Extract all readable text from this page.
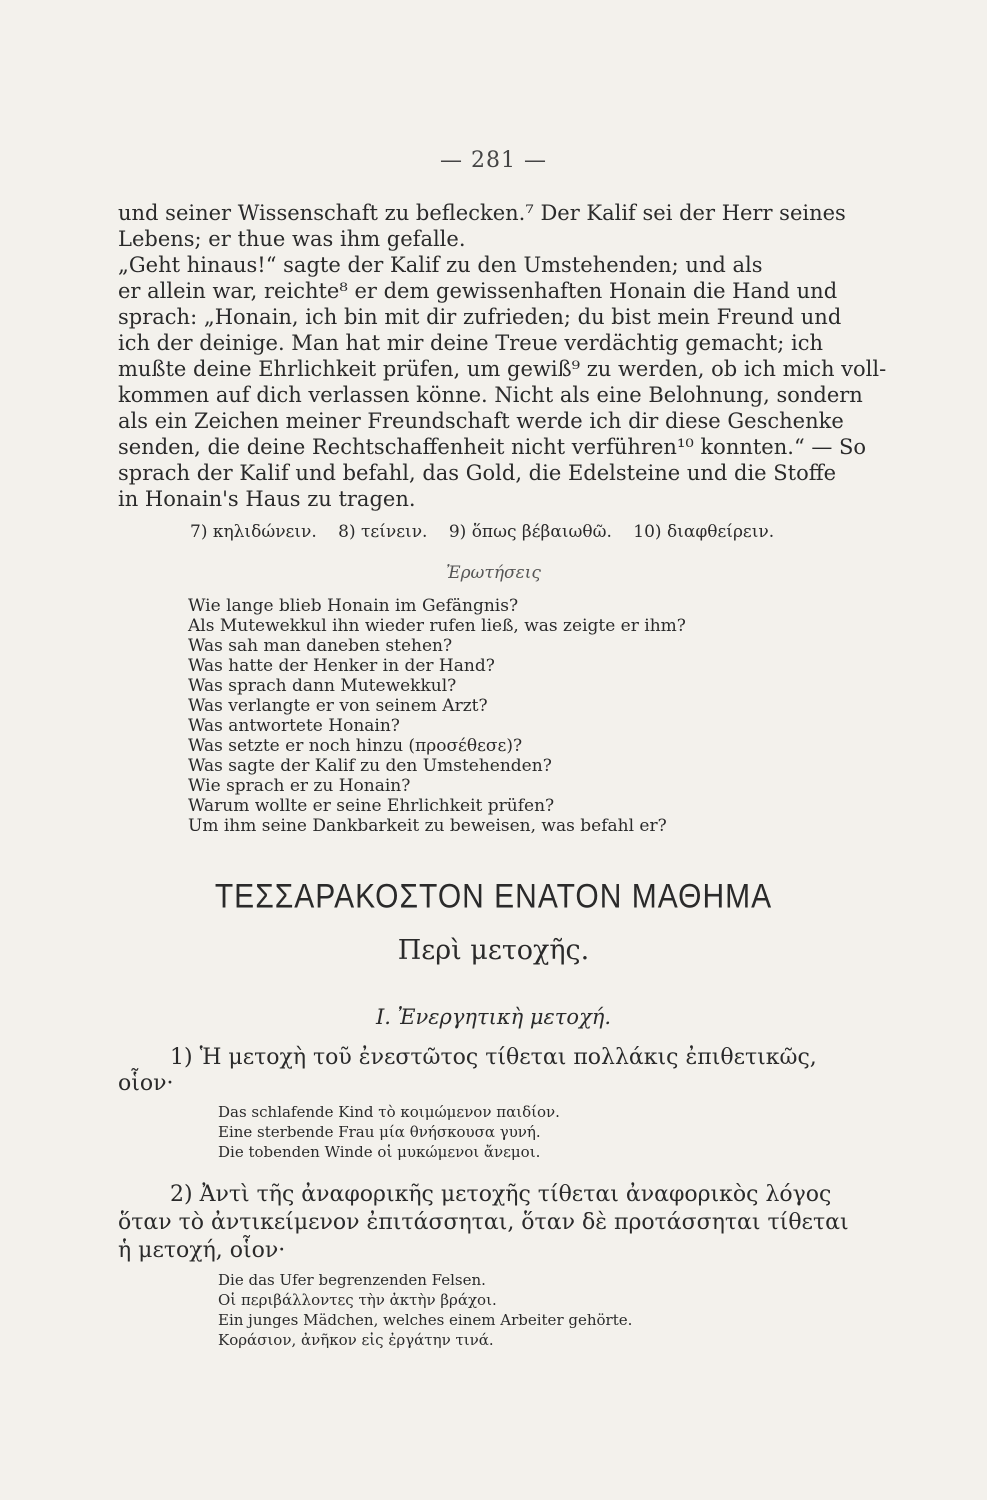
— 281 —
und seiner Wissenschaft zu beflecken.⁷ Der Kalif sei der Herr seines
Lebens; er thue was ihm gefalle.
„Geht hinaus!“ sagte der Kalif zu den Umstehenden; und als
er allein war, reichte⁸ er dem gewissenhaften Honain die Hand und
sprach: „Honain, ich bin mit dir zufrieden; du bist mein Freund und
ich der deinige. Man hat mir deine Treue verdächtig gemacht; ich
mußte deine Ehrlichkeit prüfen, um gewiß⁹ zu werden, ob ich mich voll-
kommen auf dich verlassen könne. Nicht als eine Belohnung, sondern
als ein Zeichen meiner Freundschaft werde ich dir diese Geschenke
senden, die deine Rechtschaffenheit nicht verführen¹⁰ konnten.“ — So
sprach der Kalif und befahl, das Gold, die Edelsteine und die Stoffe
in Honain's Haus zu tragen.
7) κηλιδώνειν. 8) τείνειν. 9) ὅπως βέβαιωθῶ. 10) διαφθείρειν.
Ἐρωτήσεις
Wie lange blieb Honain im Gefängnis?
Als Mutewekkul ihn wieder rufen ließ, was zeigte er ihm?
Was sah man daneben stehen?
Was hatte der Henker in der Hand?
Was sprach dann Mutewekkul?
Was verlangte er von seinem Arzt?
Was antwortete Honain?
Was setzte er noch hinzu (προσέθεσε)?
Was sagte der Kalif zu den Umstehenden?
Wie sprach er zu Honain?
Warum wollte er seine Ehrlichkeit prüfen?
Um ihm seine Dankbarkeit zu beweisen, was befahl er?
ΤΕΣΣΑΡΑΚΟΣΤΟΝ ΕΝΑΤΟΝ ΜΑΘΗΜΑ
Περὶ μετοχῆς.
I. Ἐνεργητικὴ μετοχή.
1) Ἡ μετοχὴ τοῦ ἐνεστῶτος τίθεται πολλάκις ἐπιθετικῶς,
οἷον·
Das schlafende Kind τὸ κοιμώμενον παιδίον.
Eine sterbende Frau μία θνήσκουσα γυνή.
Die tobenden Winde οἱ μυκώμενοι ἄνεμοι.
2) Ἀντὶ τῆς ἀναφορικῆς μετοχῆς τίθεται ἀναφορικὸς λόγος
ὅταν τὸ ἀντικείμενον ἐπιτάσσηται, ὅταν δὲ προτάσσηται τίθεται
ἡ μετοχή, οἷον·
Die das Ufer begrenzenden Felsen.
Οἱ περιβάλλοντες τὴν ἀκτὴν βράχοι.
Ein junges Mädchen, welches einem Arbeiter gehörte.
Κοράσιον, ἀνῆκον εἰς ἐργάτην τινά.
